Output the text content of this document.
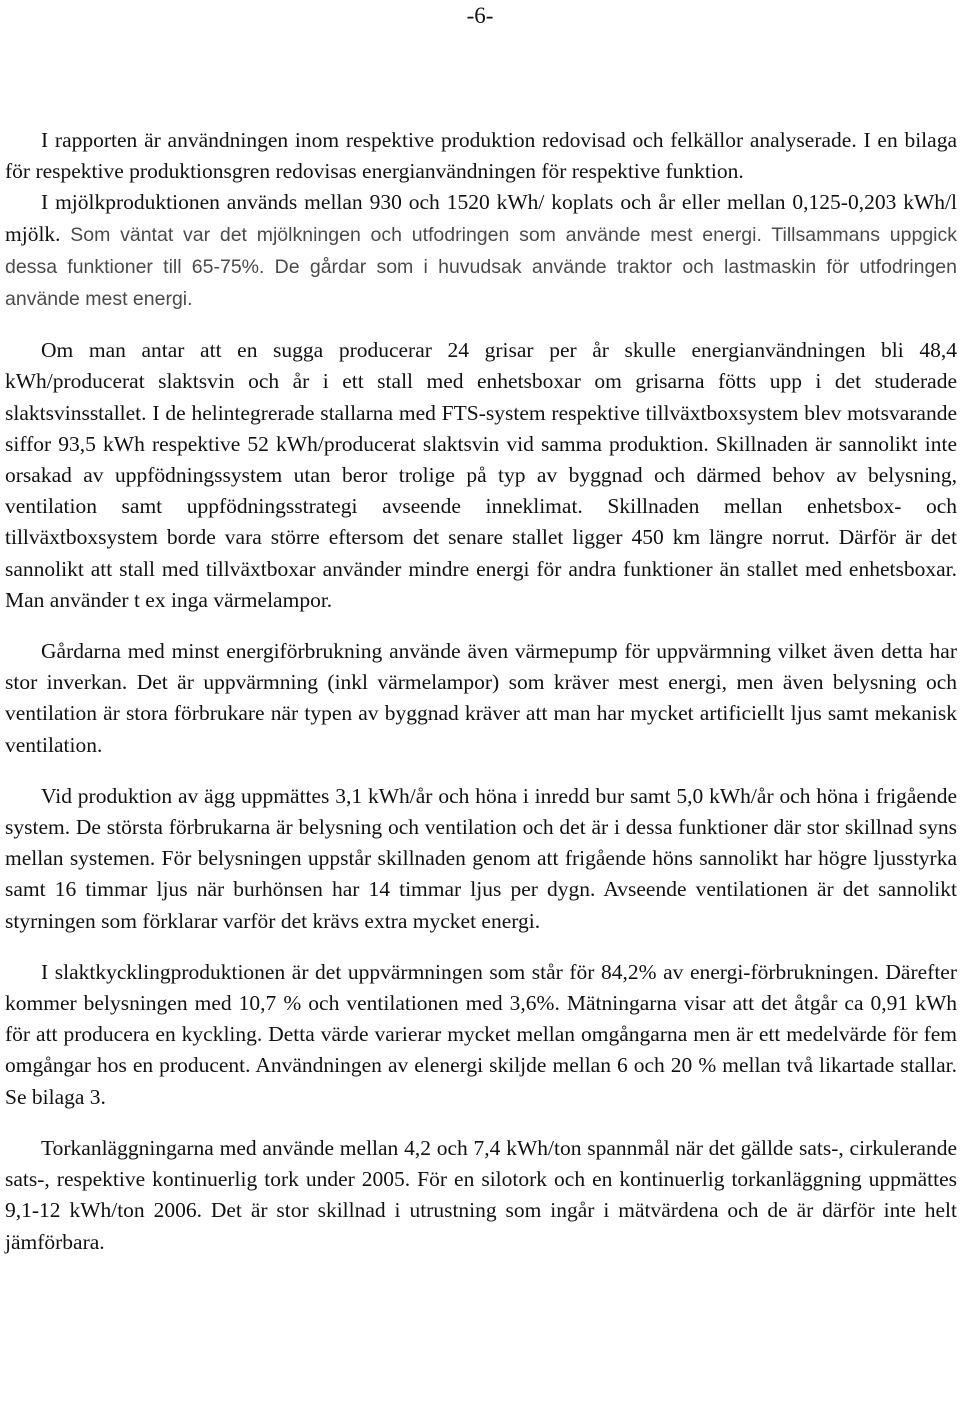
-6-

I rapporten är användningen inom respektive produktion redovisad och felkällor analyserade. I en bilaga för respektive produktionsgren redovisas energianvändningen för respektive funktion.

I mjölkproduktionen används mellan 930 och 1520 kWh/ koplats och år eller mellan 0,125-0,203 kWh/l mjölk. Som väntat var det mjölkningen och utfodringen som använde mest energi. Tillsammans uppgick dessa funktioner till 65-75%. De gårdar som i huvudsak använde traktor och lastmaskin för utfodringen använde mest energi.

Om man antar att en sugga producerar 24 grisar per år skulle energianvändningen bli 48,4 kWh/producerat slaktsvin och år i ett stall med enhetsboxar om grisarna fötts upp i det studerade slaktsvinsstallet. I de helintegrerade stallarna med FTS-system respektive tillväxtboxsystem blev motsvarande siffor 93,5 kWh respektive 52 kWh/producerat slaktsvin vid samma produktion. Skillnaden är sannolikt inte orsakad av uppfödningssystem utan beror trolige på typ av byggnad och därmed behov av belysning, ventilation samt uppfödningsstrategi avseende inneklimat. Skillnaden mellan enhetsbox- och tillväxtboxsystem borde vara större eftersom det senare stallet ligger 450 km längre norrut. Därför är det sannolikt att stall med tillväxtboxar använder mindre energi för andra funktioner än stallet med enhetsboxar. Man använder t ex inga värmelampor.

Gårdarna med minst energiförbrukning använde även värmepump för uppvärmning vilket även detta har stor inverkan. Det är uppvärmning (inkl värmelampor) som kräver mest energi, men även belysning och ventilation är stora förbrukare när typen av byggnad kräver att man har mycket artificiellt ljus samt mekanisk ventilation.

Vid produktion av ägg uppmättes 3,1 kWh/år och höna i inredd bur samt 5,0 kWh/år och höna i frigående system. De största förbrukarna är belysning och ventilation och det är i dessa funktioner där stor skillnad syns mellan systemen. För belysningen uppstår skillnaden genom att frigående höns sannolikt har högre ljusstyrka samt 16 timmar ljus när burhönsen har 14 timmar ljus per dygn. Avseende ventilationen är det sannolikt styrningen som förklarar varför det krävs extra mycket energi.

I slaktkycklingproduktionen är det uppvärmningen som står för 84,2% av energi-förbrukningen. Därefter kommer belysningen med 10,7 % och ventilationen med 3,6%. Mätningarna visar att det åtgår ca 0,91 kWh för att producera en kyckling. Detta värde varierar mycket mellan omgångarna men är ett medelvärde för fem omgångar hos en producent. Användningen av elenergi skiljde mellan 6 och 20 % mellan två likartade stallar. Se bilaga 3.

Torkanläggningarna med använde mellan 4,2 och 7,4 kWh/ton spannmål när det gällde sats-, cirkulerande sats-, respektive kontinuerlig tork under 2005. För en silotork och en kontinuerlig torkanläggning uppmättes 9,1-12 kWh/ton 2006. Det är stor skillnad i utrustning som ingår i mätvärdena och de är därför inte helt jämförbara.
